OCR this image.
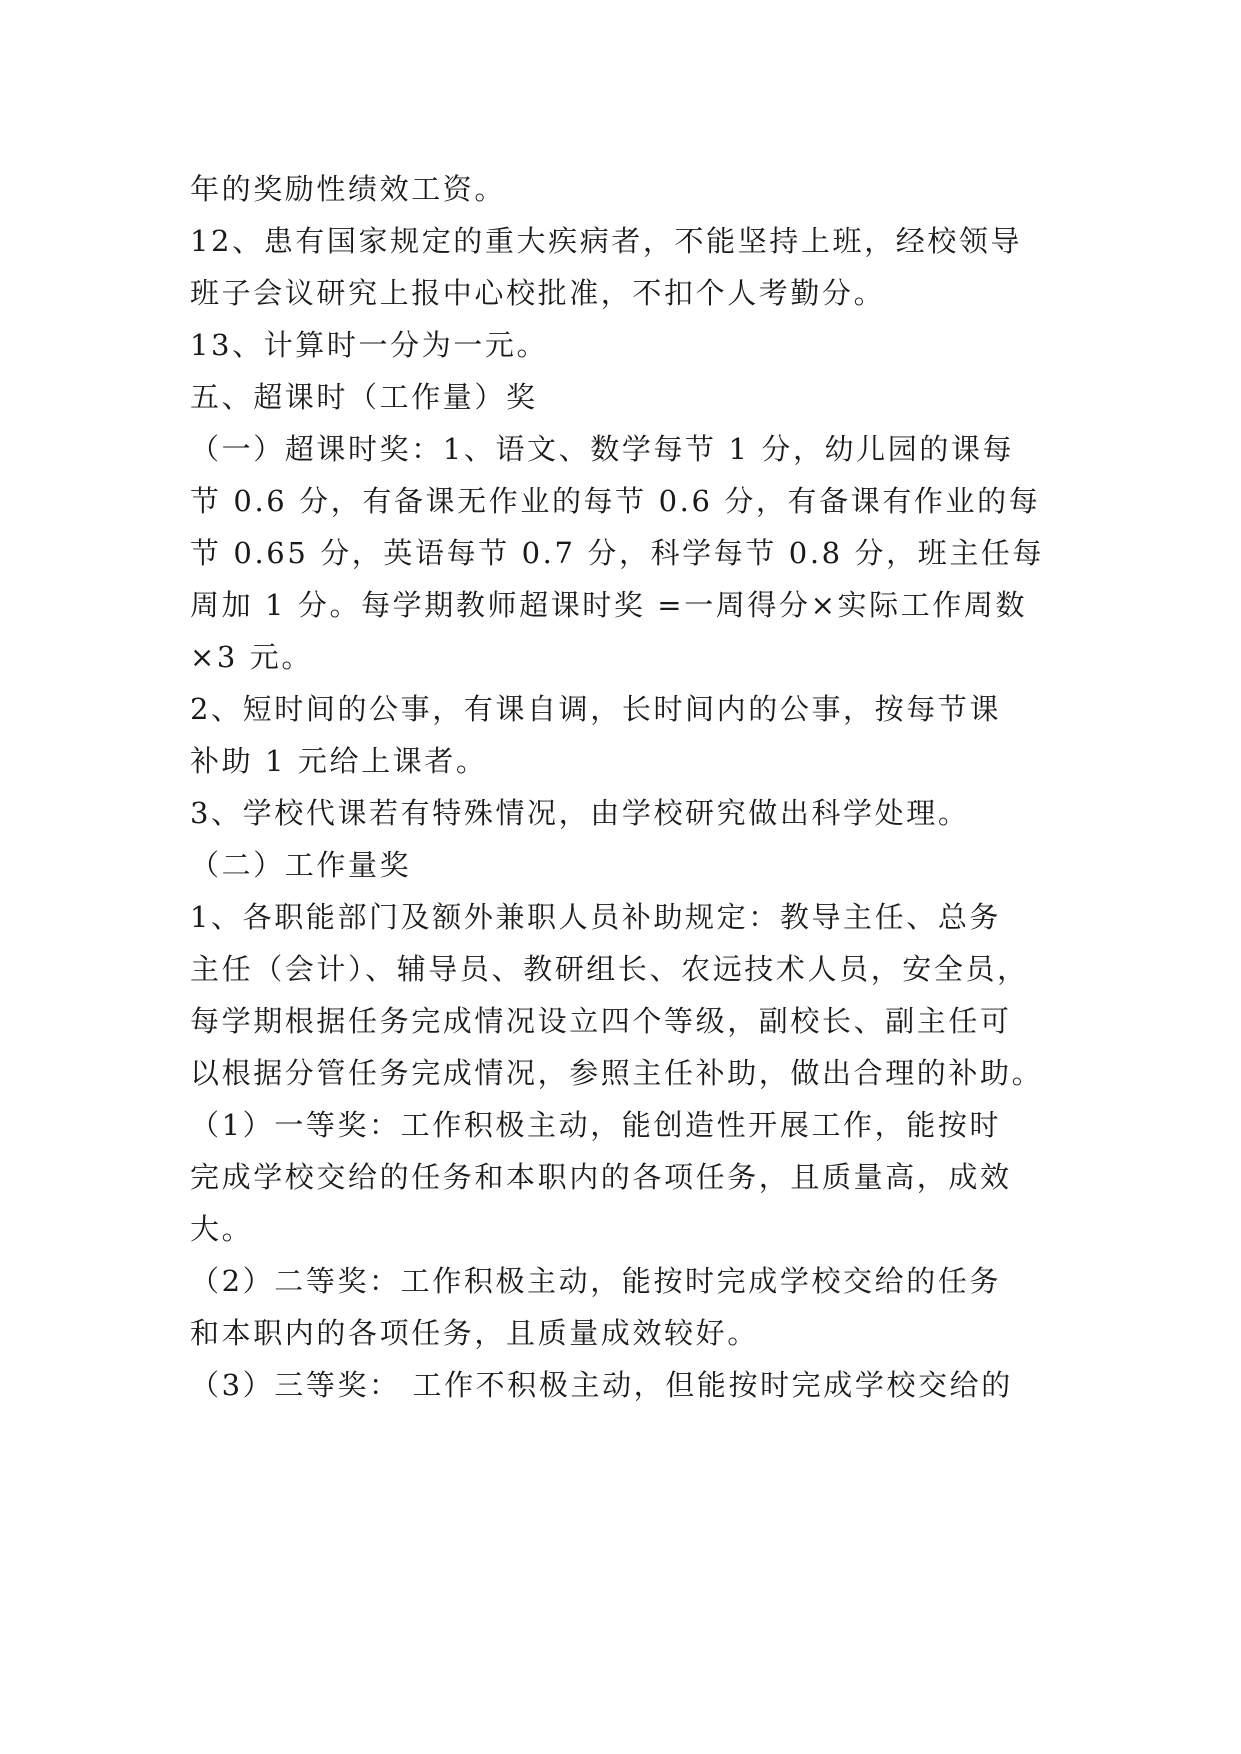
年的奖励性绩效工资。
12、患有国家规定的重大疾病者，不能坚持上班，经校领导
班子会议研究上报中心校批准，不扣个人考勤分。
13、计算时一分为一元。
五、超课时（工作量）奖
（一）超课时奖：1、语文、数学每节 1 分，幼儿园的课每
节 0.6 分，有备课无作业的每节 0.6 分，有备课有作业的每
节 0.65 分，英语每节 0.7 分，科学每节 0.8 分，班主任每
周加 1 分。每学期教师超课时奖 =一周得分×实际工作周数
×3 元。
2、短时间的公事，有课自调，长时间内的公事，按每节课
补助 1 元给上课者。
3、学校代课若有特殊情况，由学校研究做出科学处理。
（二）工作量奖
1、各职能部门及额外兼职人员补助规定：教导主任、总务
主任（会计）、辅导员、教研组长、农远技术人员，安全员，
每学期根据任务完成情况设立四个等级，副校长、副主任可
以根据分管任务完成情况，参照主任补助，做出合理的补助。
（1）一等奖：工作积极主动，能创造性开展工作，能按时
完成学校交给的任务和本职内的各项任务，且质量高，成效
大。
（2）二等奖：工作积极主动，能按时完成学校交给的任务
和本职内的各项任务，且质量成效较好。
（3）三等奖： 工作不积极主动，但能按时完成学校交给的
